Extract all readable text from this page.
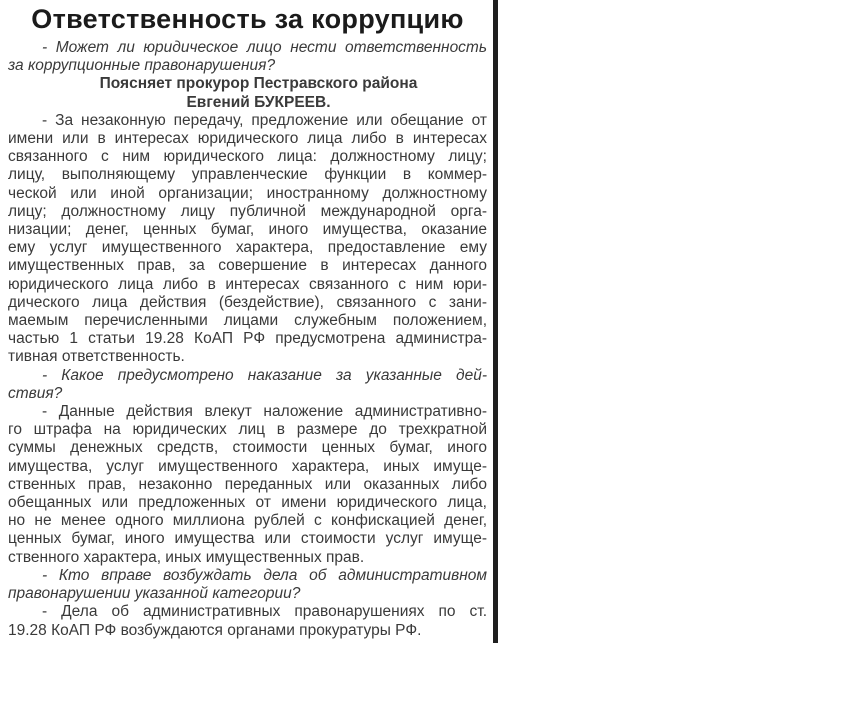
Ответственность за коррупцию
- Может ли юридическое лицо нести ответственность
за коррупционные правонарушения?
Поясняет прокурор Пестравского района
Евгений БУКРЕЕВ.
- За незаконную передачу, предложение или обещание от
имени или в интересах юридического лица либо в интересах
связанного с ним юридического лица: должностному лицу;
лицу, выполняющему управленческие функции в коммер-
ческой или иной организации; иностранному должностному
лицу; должностному лицу публичной международной орга-
низации; денег, ценных бумаг, иного имущества, оказание
ему услуг имущественного характера, предоставление ему
имущественных прав, за совершение в интересах данного
юридического лица либо в интересах связанного с ним юри-
дического лица действия (бездействие), связанного с зани-
маемым перечисленными лицами служебным положением,
частью 1 статьи 19.28 КоАП РФ предусмотрена администра-
тивная ответственность.
- Какое предусмотрено наказание за указанные дей-
ствия?
- Данные действия влекут наложение административно-
го штрафа на юридических лиц в размере до трехкратной
суммы денежных средств, стоимости ценных бумаг, иного
имущества, услуг имущественного характера, иных имуще-
ственных прав, незаконно переданных или оказанных либо
обещанных или предложенных от имени юридического лица,
но не менее одного миллиона рублей с конфискацией денег,
ценных бумаг, иного имущества или стоимости услуг имуще-
ственного характера, иных имущественных прав.
- Кто вправе возбуждать дела об административном
правонарушении указанной категории?
- Дела об административных правонарушениях по ст.
19.28 КоАП РФ возбуждаются органами прокуратуры РФ.
